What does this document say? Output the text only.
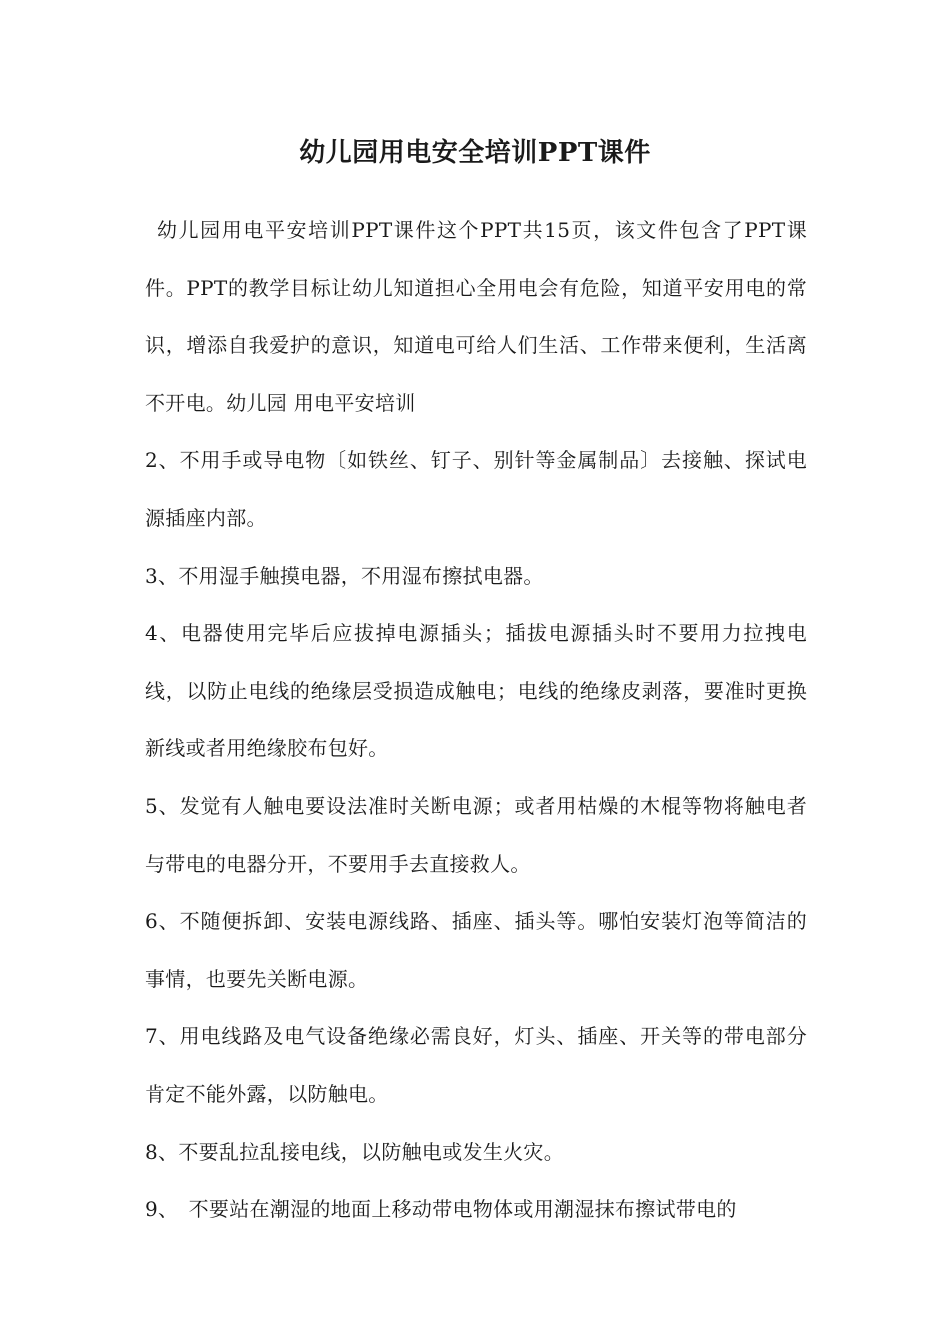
幼儿园用电安全培训PPT课件

幼儿园用电平安培训PPT课件这个PPT共15页，该文件包含了PPT课件。PPT的教学目标让幼儿知道担心全用电会有危险，知道平安用电的常识，增添自我爱护的意识，知道电可给人们生活、工作带来便利，生活离不开电。幼儿园 用电平安培训

2、不用手或导电物〔如铁丝、钉子、别针等金属制品〕去接触、探试电源插座内部。

3、不用湿手触摸电器，不用湿布擦拭电器。

4、电器使用完毕后应拔掉电源插头；插拔电源插头时不要用力拉拽电线，以防止电线的绝缘层受损造成触电；电线的绝缘皮剥落，要准时更换新线或者用绝缘胶布包好。

5、发觉有人触电要设法准时关断电源；或者用枯燥的木棍等物将触电者与带电的电器分开，不要用手去直接救人。

6、不随便拆卸、安装电源线路、插座、插头等。哪怕安装灯泡等简洁的事情，也要先关断电源。

7、用电线路及电气设备绝缘必需良好，灯头、插座、开关等的带电部分肯定不能外露，以防触电。

8、不要乱拉乱接电线，以防触电或发生火灾。

9、　不要站在潮湿的地面上移动带电物体或用潮湿抹布擦试带电的
